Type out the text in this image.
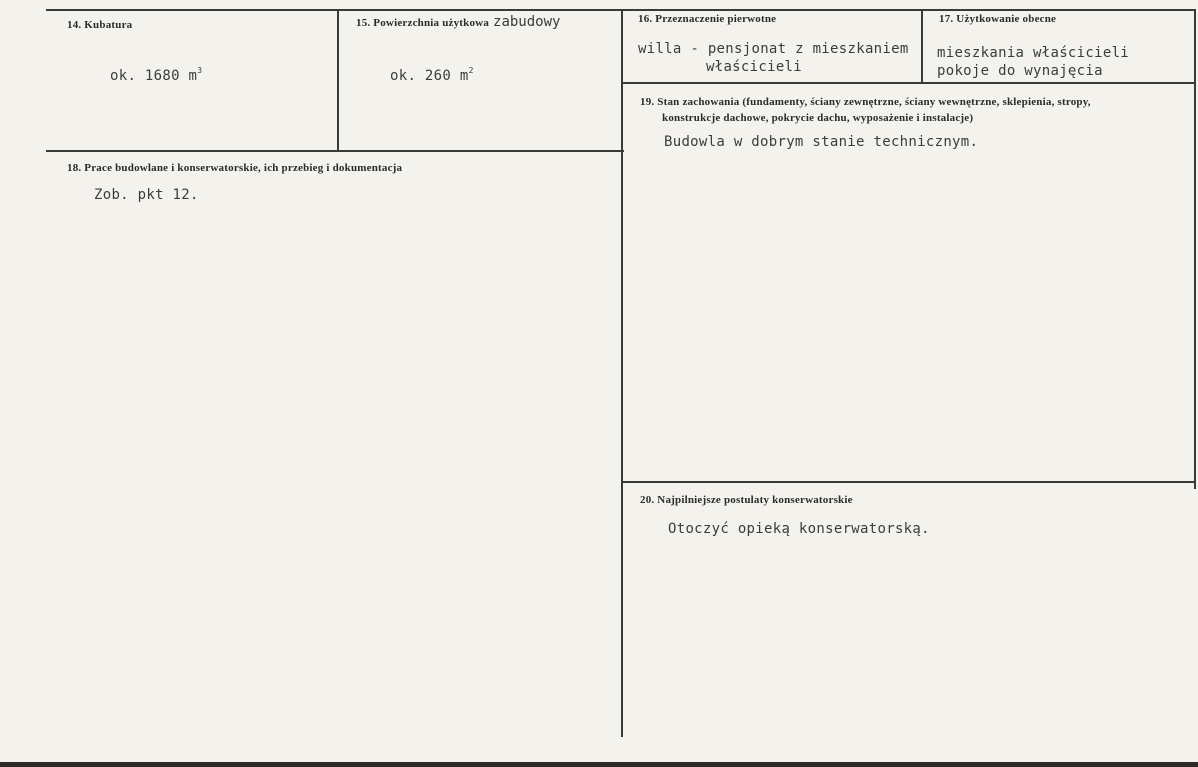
14. Kubatura
ok. 1680 $m^3$
15. Powierzchnia użytkowa zabudowy
ok. 260 $m^2$
16. Przeznaczenie pierwotne
willa - pensjonat z mieszkaniem
właścicieli
17. Użytkowanie obecne
mieszkania właścicieli
pokoje do wynajęcia
18. Prace budowlane i konserwatorskie, ich przebieg i dokumentacja
Zob. pkt 12.
19. Stan zachowania (fundamenty, ściany zewnętrzne, ściany wewnętrzne, sklepienia, stropy,
konstrukcje dachowe, pokrycie dachu, wyposażenie i instalacje)
Budowla w dobrym stanie technicznym.
20. Najpilniejsze postulaty konserwatorskie
Otoczyć opieką konserwatorską.
